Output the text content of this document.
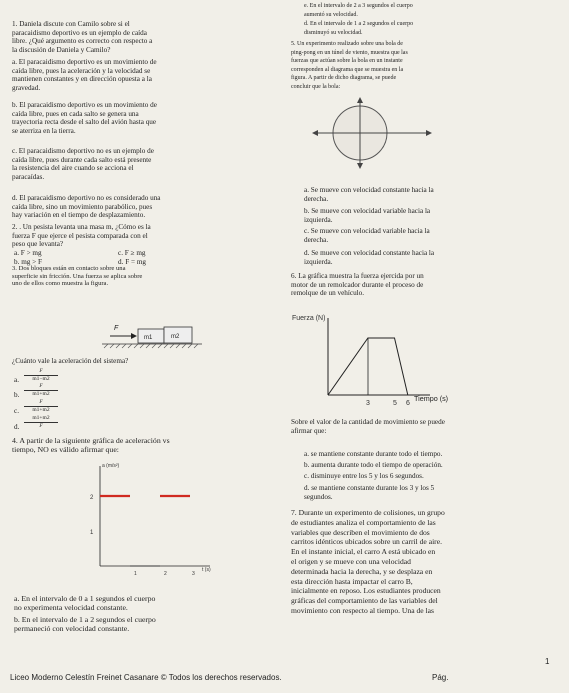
e. En el intervalo de 2 a 3 segundos el cuerpo
aumentó su velocidad.
d. En el intervalo de 1 a 2 segundos el cuerpo
disminuyó su velocidad.
5. Un experimento realizado sobre una bola de
ping-pong en un túnel de viento, muestra que las
fuerzas que actúan sobre la bola en un instante
corresponden al diagrama que se muestra en la
figura. A partir de dicho diagrama, se puede
concluir que la bola:
a. Se mueve con velocidad constante hacia la
derecha.
b. Se mueve con velocidad variable hacia la
izquierda.
c. Se mueve con velocidad variable hacia la
derecha.
d. Se mueve con velocidad constante hacia la
izquierda.
6. La gráfica muestra la fuerza ejercida por un
motor de un remolcador durante el proceso de
remolque de un vehículo.
Fuerza (N)
3	5 6
Tiempo (s)
Sobre el valor de la cantidad de movimiento se puede
afirmar que:
a. se mantiene constante durante todo el tiempo.
b. aumenta durante todo el tiempo de operación.
c. disminuye entre los 5 y los 6 segundos.
d. se mantiene constante durante los 3 y los 5
segundos.
7. Durante un experimento de colisiones, un grupo
de estudiantes analiza el comportamiento de las
variables que describen el movimiento de dos
carritos idénticos ubicados sobre un carril de aire.
En el instante inicial, el carro A está ubicado en
el origen y se mueve con una velocidad
determinada hacia la derecha, y se desplaza en
esta dirección hasta impactar el carro B,
inicialmente en reposo. Los estudiantes producen
gráficas del comportamiento de las variables del
movimiento con respecto al tiempo. Una de las
1. Daniela discute con Camilo sobre si el
paracaidismo deportivo es un ejemplo de caída
libre. ¿Qué argumento es correcto con respecto a
la discusión de Daniela y Camilo?
a. El paracaidismo deportivo es un movimiento de
caída libre, pues la aceleración y la velocidad se
mantienen constantes y en dirección opuesta a la
gravedad.
b. El paracaidismo deportivo es un movimiento de
caída libre, pues en cada salto se genera una
trayectoria recta desde el salto del avión hasta que
se aterriza en la tierra.
c. El paracaidismo deportivo no es un ejemplo de
caída libre, pues durante cada salto está presente
la resistencia del aire cuando se acciona el
paracaídas.
d. El paracaidismo deportivo no es considerado una
caída libre, sino un movimiento parabólico, pues
hay variación en el tiempo de desplazamiento.
2. . Un pesista levanta una masa m, ¿Cómo es la
fuerza F que ejerce el pesista comparada con el
peso que levanta?
a. F > mg	c. F ≥ mg
b. mg > F	d. F = mg
3. Dos bloques están en contacto sobre una
superficie sin fricción. Una fuerza se aplica sobre
uno de ellos como muestra la figura.
F
m1	m2
¿Cuánto vale la aceleración del sistema?
a.
F
m1−m2
b.
F
m1+m2
c.
F
m1+m2
d.
m1+m2
F
4. A partir de la siguiente gráfica de aceleración vs
tiempo, NO es válido afirmar que:
a (m/s²)
2
1
1	2	3
t (s)
a. En el intervalo de 0 a 1 segundos el cuerpo
no experimenta velocidad constante.
b. En el intervalo de 1 a 2 segundos el cuerpo
permaneció con velocidad constante.
Liceo Moderno Celestín Freinet Casanare © Todos los derechos reservados.	Pág.
1
